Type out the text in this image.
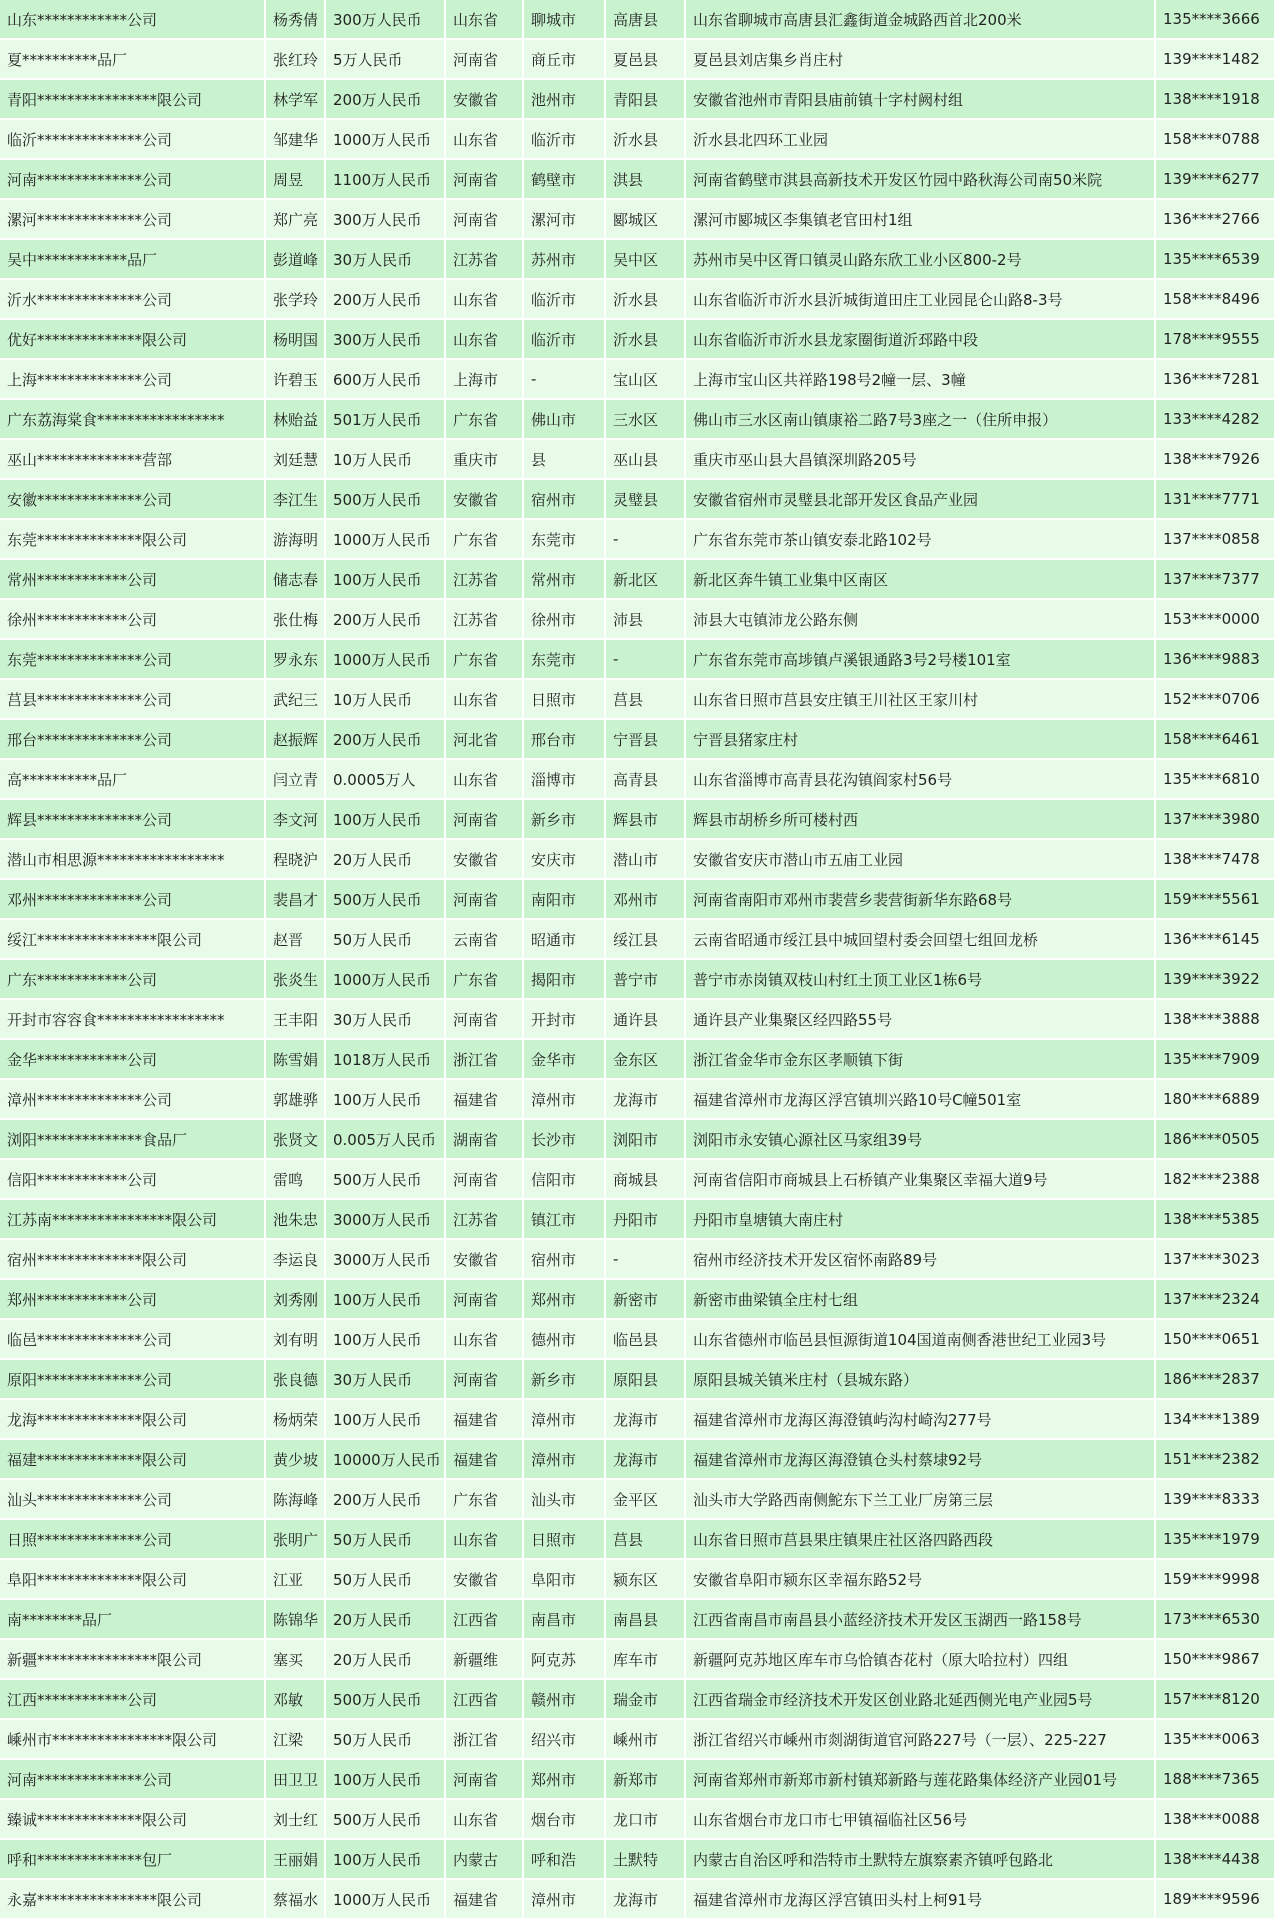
山东************公司	杨秀倩	300万人民币	山东省	聊城市	高唐县	山东省聊城市高唐县汇鑫街道金城路西首北200米	135****3666
夏**********品厂	张红玲	5万人民币	河南省	商丘市	夏邑县	夏邑县刘店集乡肖庄村	139****1482
青阳****************限公司	林学军	200万人民币	安徽省	池州市	青阳县	安徽省池州市青阳县庙前镇十字村阙村组	138****1918
临沂**************公司	邹建华	1000万人民币	山东省	临沂市	沂水县	沂水县北四环工业园	158****0788
河南**************公司	周昱	1100万人民币	河南省	鹤壁市	淇县	河南省鹤壁市淇县高新技术开发区竹园中路秋海公司南50米院	139****6277
漯河**************公司	郑广亮	300万人民币	河南省	漯河市	郾城区	漯河市郾城区李集镇老官田村1组	136****2766
吴中************品厂	彭道峰	30万人民币	江苏省	苏州市	吴中区	苏州市吴中区胥口镇灵山路东欣工业小区800-2号	135****6539
沂水**************公司	张学玲	200万人民币	山东省	临沂市	沂水县	山东省临沂市沂水县沂城街道田庄工业园昆仑山路8-3号	158****8496
优好**************限公司	杨明国	300万人民币	山东省	临沂市	沂水县	山东省临沂市沂水县龙家圈街道沂邳路中段	178****9555
上海**************公司	许碧玉	600万人民币	上海市	-	宝山区	上海市宝山区共祥路198号2幢一层、3幢	136****7281
广东荔海棠食*****************	林贻益	501万人民币	广东省	佛山市	三水区	佛山市三水区南山镇康裕二路7号3座之一（住所申报）	133****4282
巫山**************营部	刘廷慧	10万人民币	重庆市	县	巫山县	重庆市巫山县大昌镇深圳路205号	138****7926
安徽**************公司	李江生	500万人民币	安徽省	宿州市	灵璧县	安徽省宿州市灵璧县北部开发区食品产业园	131****7771
东莞**************限公司	游海明	1000万人民币	广东省	东莞市	-	广东省东莞市茶山镇安泰北路102号	137****0858
常州************公司	储志春	100万人民币	江苏省	常州市	新北区	新北区奔牛镇工业集中区南区	137****7377
徐州************公司	张仕梅	200万人民币	江苏省	徐州市	沛县	沛县大屯镇沛龙公路东侧	153****0000
东莞**************公司	罗永东	1000万人民币	广东省	东莞市	-	广东省东莞市高埗镇卢溪银通路3号2号楼101室	136****9883
莒县**************公司	武纪三	10万人民币	山东省	日照市	莒县	山东省日照市莒县安庄镇王川社区王家川村	152****0706
邢台**************公司	赵振辉	200万人民币	河北省	邢台市	宁晋县	宁晋县猪家庄村	158****6461
高**********品厂	闫立青	0.0005万人	山东省	淄博市	高青县	山东省淄博市高青县花沟镇阎家村56号	135****6810
辉县**************公司	李文河	100万人民币	河南省	新乡市	辉县市	辉县市胡桥乡所可楼村西	137****3980
潜山市相思源*****************	程晓沪	20万人民币	安徽省	安庆市	潜山市	安徽省安庆市潜山市五庙工业园	138****7478
邓州**************公司	裴昌才	500万人民币	河南省	南阳市	邓州市	河南省南阳市邓州市裴营乡裴营街新华东路68号	159****5561
绥江****************限公司	赵晋	50万人民币	云南省	昭通市	绥江县	云南省昭通市绥江县中城回望村委会回望七组回龙桥	136****6145
广东************公司	张炎生	1000万人民币	广东省	揭阳市	普宁市	普宁市赤岗镇双枝山村红土顶工业区1栋6号	139****3922
开封市容容食*****************	王丰阳	30万人民币	河南省	开封市	通许县	通许县产业集聚区经四路55号	138****3888
金华************公司	陈雪娟	1018万人民币	浙江省	金华市	金东区	浙江省金华市金东区孝顺镇下街	135****7909
漳州**************公司	郭雄骅	100万人民币	福建省	漳州市	龙海市	福建省漳州市龙海区浮宫镇圳兴路10号C幢501室	180****6889
浏阳**************食品厂	张贤文	0.005万人民币	湖南省	长沙市	浏阳市	浏阳市永安镇心源社区马家组39号	186****0505
信阳************公司	雷鸣	500万人民币	河南省	信阳市	商城县	河南省信阳市商城县上石桥镇产业集聚区幸福大道9号	182****2388
江苏南****************限公司	池朱忠	3000万人民币	江苏省	镇江市	丹阳市	丹阳市皇塘镇大南庄村	138****5385
宿州**************限公司	李运良	3000万人民币	安徽省	宿州市	-	宿州市经济技术开发区宿怀南路89号	137****3023
郑州************公司	刘秀刚	100万人民币	河南省	郑州市	新密市	新密市曲梁镇全庄村七组	137****2324
临邑**************公司	刘有明	100万人民币	山东省	德州市	临邑县	山东省德州市临邑县恒源街道104国道南侧香港世纪工业园3号	150****0651
原阳**************公司	张良德	30万人民币	河南省	新乡市	原阳县	原阳县城关镇米庄村（县城东路）	186****2837
龙海**************限公司	杨炳荣	100万人民币	福建省	漳州市	龙海市	福建省漳州市龙海区海澄镇屿沟村崎沟277号	134****1389
福建**************限公司	黄少坡	10000万人民币	福建省	漳州市	龙海市	福建省漳州市龙海区海澄镇仓头村蔡埭92号	151****2382
汕头**************公司	陈海峰	200万人民币	广东省	汕头市	金平区	汕头市大学路西南侧鮀东下兰工业厂房第三层	139****8333
日照**************公司	张明广	50万人民币	山东省	日照市	莒县	山东省日照市莒县果庄镇果庄社区洛四路西段	135****1979
阜阳**************限公司	江亚	50万人民币	安徽省	阜阳市	颍东区	安徽省阜阳市颍东区幸福东路52号	159****9998
南********品厂	陈锦华	20万人民币	江西省	南昌市	南昌县	江西省南昌市南昌县小蓝经济技术开发区玉湖西一路158号	173****6530
新疆****************限公司	塞买	20万人民币	新疆维	阿克苏	库车市	新疆阿克苏地区库车市乌恰镇杏花村（原大哈拉村）四组	150****9867
江西************公司	邓敏	500万人民币	江西省	赣州市	瑞金市	江西省瑞金市经济技术开发区创业路北延西侧光电产业园5号	157****8120
嵊州市****************限公司	江梁	50万人民币	浙江省	绍兴市	嵊州市	浙江省绍兴市嵊州市剡湖街道官河路227号（一层）、225-227	135****0063
河南**************公司	田卫卫	100万人民币	河南省	郑州市	新郑市	河南省郑州市新郑市新村镇郑新路与莲花路集体经济产业园01号	188****7365
臻诚**************限公司	刘士红	500万人民币	山东省	烟台市	龙口市	山东省烟台市龙口市七甲镇福临社区56号	138****0088
呼和**************包厂	王丽娟	100万人民币	内蒙古	呼和浩	土默特	内蒙古自治区呼和浩特市土默特左旗察素齐镇呼包路北	138****4438
永嘉****************限公司	蔡福水	1000万人民币	福建省	漳州市	龙海市	福建省漳州市龙海区浮宫镇田头村上柯91号	189****9596
